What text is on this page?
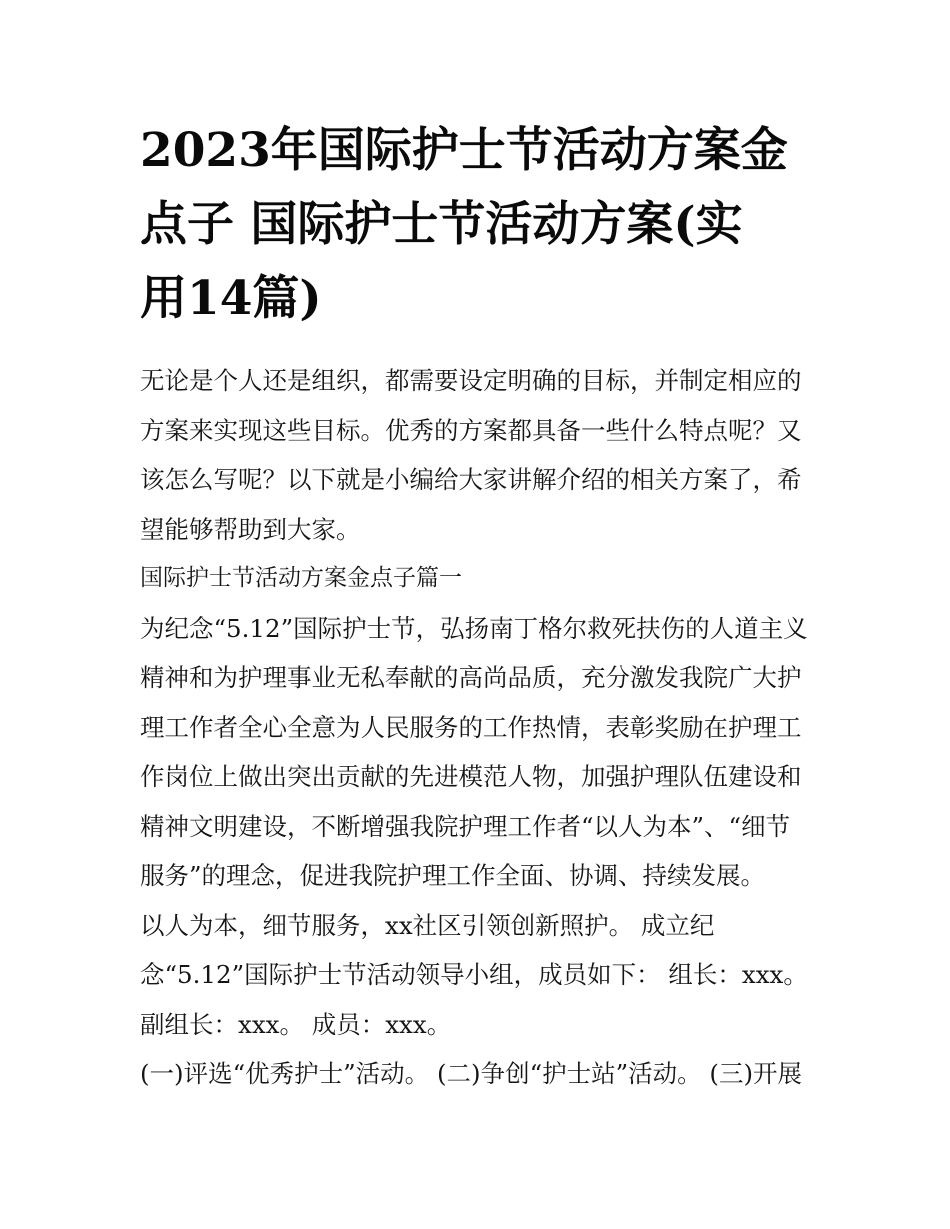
2023年国际护士节活动方案金
点子 国际护士节活动方案(实
用14篇)
无论是个人还是组织，都需要设定明确的目标，并制定相应的
方案来实现这些目标。优秀的方案都具备一些什么特点呢？又
该怎么写呢？以下就是小编给大家讲解介绍的相关方案了，希
望能够帮助到大家。
国际护士节活动方案金点子篇一
为纪念“5.12”国际护士节，弘扬南丁格尔救死扶伤的人道主义
精神和为护理事业无私奉献的高尚品质，充分激发我院广大护
理工作者全心全意为人民服务的工作热情，表彰奖励在护理工
作岗位上做出突出贡献的先进模范人物，加强护理队伍建设和
精神文明建设，不断增强我院护理工作者“以人为本”、“细节
服务”的理念，促进我院护理工作全面、协调、持续发展。
以人为本，细节服务，xx社区引领创新照护。 成立纪
念“5.12”国际护士节活动领导小组，成员如下： 组长：xxx。
副组长：xxx。 成员：xxx。
(一)评选“优秀护士”活动。 (二)争创“护士站”活动。 (三)开展
